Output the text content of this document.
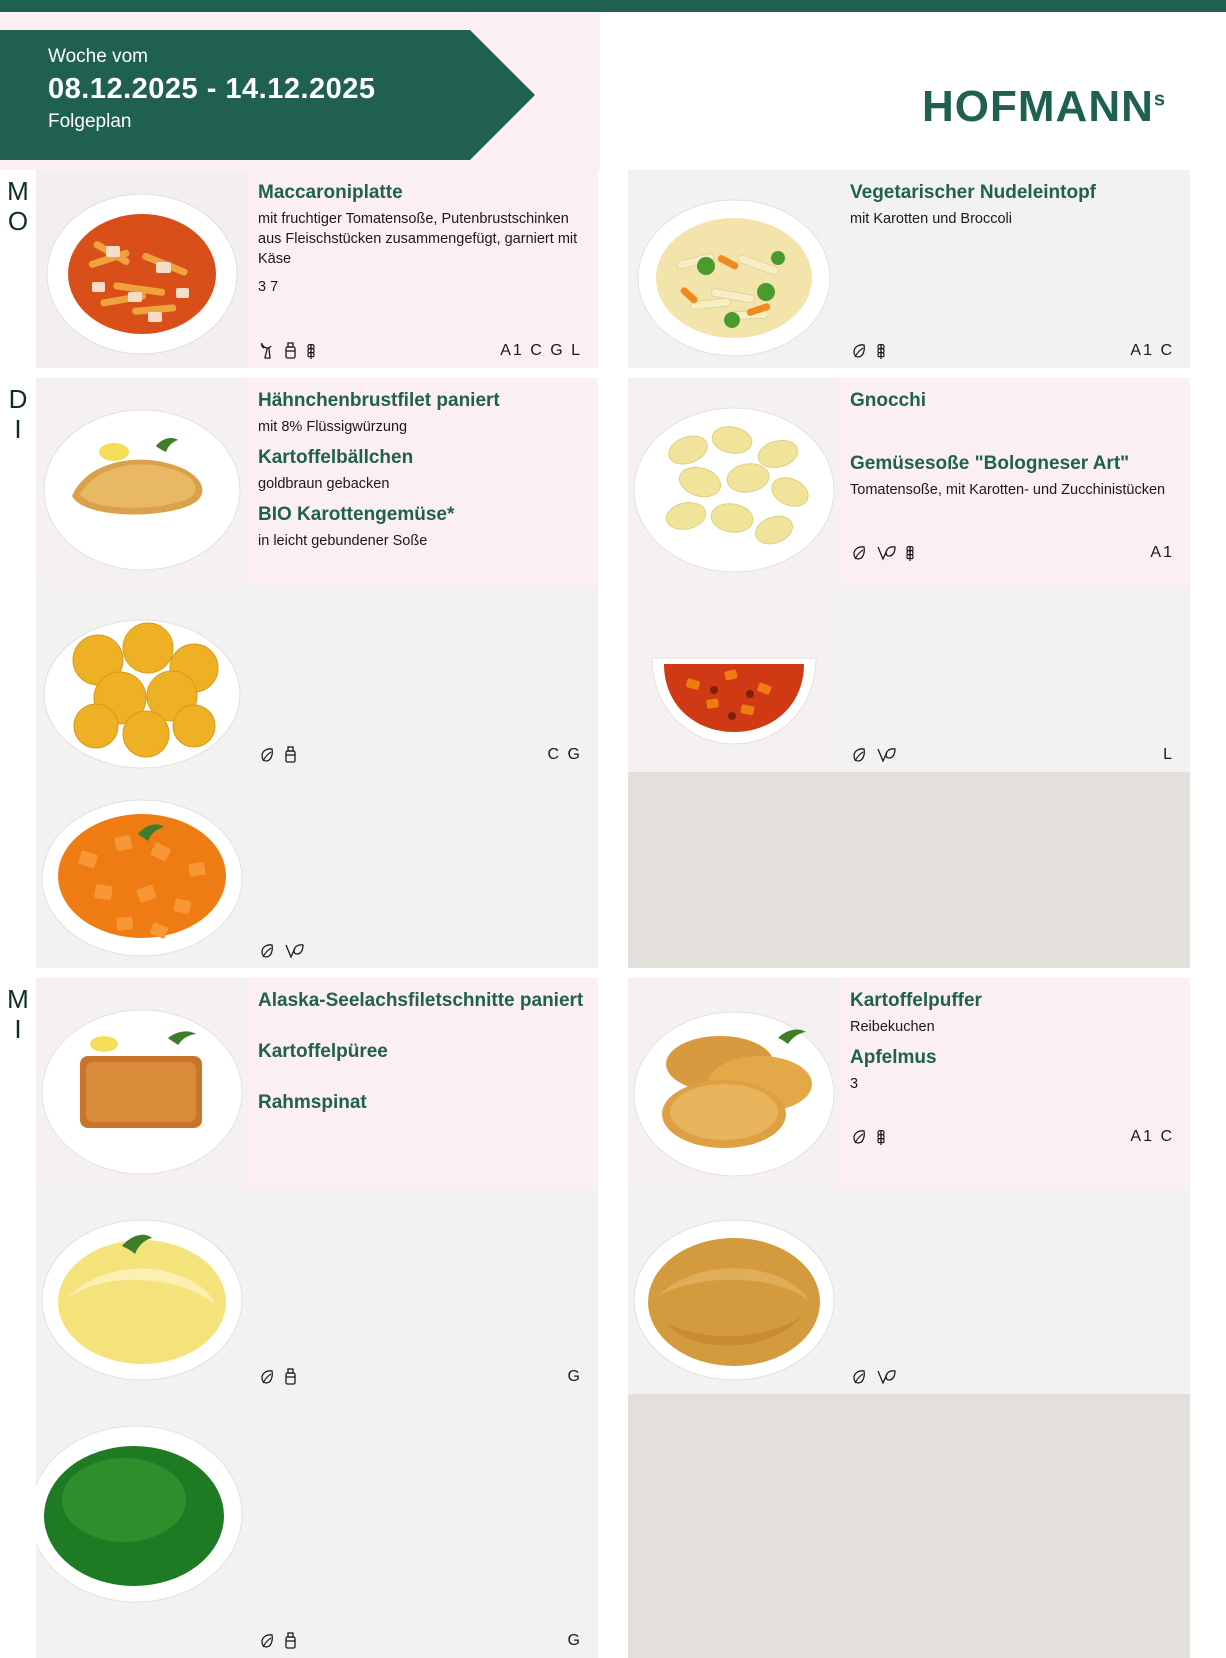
Woche vom
08.12.2025 - 14.12.2025
Folgeplan	HOFMANN$^s$
M
O
Maccaroniplatte
mit fruchtiger Tomatensoße, Putenbrustschinken aus Fleischstücken zusammengefügt, garniert mit Käse
3 7
A1 C G L
Vegetarischer Nudeleintopf
mit Karotten und Broccoli
A1 C
D
I
Hähnchenbrustfilet paniert
mit 8% Flüssigwürzung
Kartoffelbällchen
goldbraun gebacken
BIO Karottengemüse*
in leicht gebundener Soße
C G
Gnocchi
Gemüsesoße "Bologneser Art"
Tomatensoße, mit Karotten- und Zucchinistücken
A1
L
M
I
Alaska-Seelachsfiletschnitte paniert
Kartoffelpüree
Rahmspinat
G
G
Kartoffelpuffer
Reibekuchen
Apfelmus
3
A1 C
